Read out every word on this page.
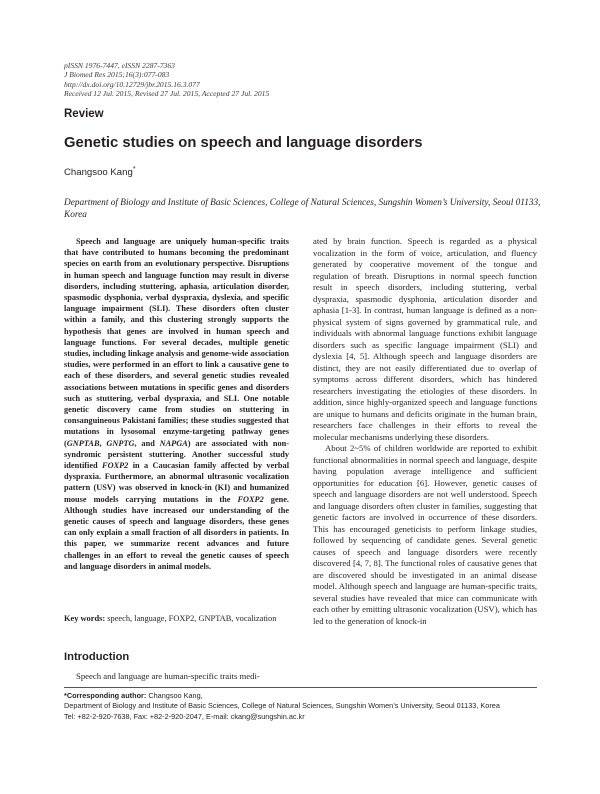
pISSN 1976-7447, eISSN 2287-7363
J Biomed Res 2015;16(3):077-083
http://dx.doi.org/10.12729/jbr.2015.16.3.077
Received 12 Jul. 2015, Revised 27 Jul. 2015, Accepted 27 Jul. 2015
Review
Genetic studies on speech and language disorders
Changsoo Kang*
Department of Biology and Institute of Basic Sciences, College of Natural Sciences, Sungshin Women’s University, Seoul 01133, Korea

Speech and language are uniquely human-specific traits that have contributed to humans becoming the predominant species on earth from an evolutionary perspective. Disruptions in human speech and language function may result in diverse disorders, including stuttering, aphasia, articulation disorder, spasmodic dysphonia, verbal dyspraxia, dyslexia, and specific language impairment (SLI). These disorders often cluster within a family, and this clustering strongly supports the hypothesis that genes are involved in human speech and language functions. For several decades, multiple genetic studies, including linkage analysis and genome-wide association studies, were performed in an effort to link a causative gene to each of these disorders, and several genetic studies revealed associations between mutations in specific genes and disorders such as stuttering, verbal dyspraxia, and SLI. One notable genetic discovery came from studies on stuttering in consanguineous Pakistani families; these studies suggested that mutations in lysosomal enzyme-targeting pathway genes (GNPTAB, GNPTG, and NAPGA) are associated with non-syndromic persistent stuttering. Another successful study identified FOXP2 in a Caucasian family affected by verbal dyspraxia. Furthermore, an abnormal ultrasonic vocalization pattern (USV) was observed in knock-in (KI) and humanized mouse models carrying mutations in the FOXP2 gene. Although studies have increased our understanding of the genetic causes of speech and language disorders, these genes can only explain a small fraction of all disorders in patients. In this paper, we summarize recent advances and future challenges in an effort to reveal the genetic causes of speech and language disorders in animal models.

Key words: speech, language, FOXP2, GNPTAB, vocalization
Introduction

Speech and language are human-specific traits medi-

ated by brain function. Speech is regarded as a physical vocalization in the form of voice, articulation, and fluency generated by cooperative movement of the tongue and regulation of breath. Disruptions in normal speech function result in speech disorders, including stuttering, verbal dyspraxia, spasmodic dysphonia, articulation disorder and aphasia [1-3]. In contrast, human language is defined as a non-physical system of signs governed by grammatical rule, and individuals with abnormal language functions exhibit language disorders such as specific language impairment (SLI) and dyslexia [4, 5]. Although speech and language disorders are distinct, they are not easily differentiated due to overlap of symptoms across different disorders, which has hindered researchers investigating the etiologies of these disorders. In addition, since highly-organized speech and language functions are unique to humans and deficits originate in the human brain, researchers face challenges in their efforts to reveal the molecular mechanisms underlying these disorders.

About 2~5% of children worldwide are reported to exhibit functional abnormalities in normal speech and language, despite having population average intelligence and sufficient opportunities for education [6]. However, genetic causes of speech and language disorders are not well understood. Speech and language disorders often cluster in families, suggesting that genetic factors are involved in occurrence of these disorders. This has encouraged geneticists to perform linkage studies, followed by sequencing of candidate genes. Several genetic causes of speech and language disorders were recently discovered [4, 7, 8]. The functional roles of causative genes that are discovered should be investigated in an animal disease model. Although speech and language are human-specific traits, several studies have revealed that mice can communicate with each other by emitting ultrasonic vocalization (USV), which has led to the generation of knock-in

*Corresponding author: Changsoo Kang,
Department of Biology and Institute of Basic Sciences, College of Natural Sciences, Sungshin Women’s University, Seoul 01133, Korea
Tel: +82-2-920-7638, Fax: +82-2-920-2047, E-mail: ckang@sungshin.ac.kr
